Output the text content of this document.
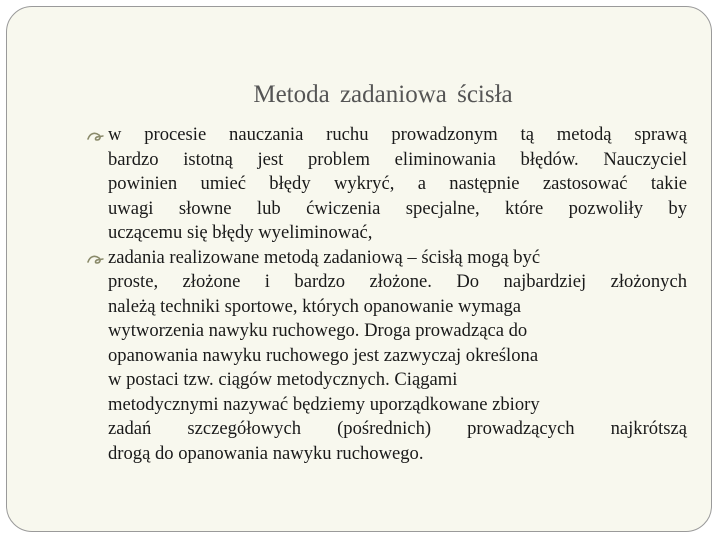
Metoda zadaniowa ścisła
w procesie nauczania ruchu prowadzonym tą metodą sprawą
bardzo istotną jest problem eliminowania błędów. Nauczyciel
powinien umieć błędy wykryć, a następnie zastosować takie
uwagi słowne lub ćwiczenia specjalne, które pozwoliły by
uczącemu się błędy wyeliminować,
zadania realizowane metodą zadaniową – ścisłą mogą być
proste, złożone i bardzo złożone. Do najbardziej złożonych
należą techniki sportowe, których opanowanie wymaga
wytworzenia nawyku ruchowego. Droga prowadząca do
opanowania nawyku ruchowego jest zazwyczaj określona
w postaci tzw. ciągów metodycznych. Ciągami
metodycznymi nazywać będziemy uporządkowane zbiory
zadań szczegółowych (pośrednich) prowadzących najkrótszą
drogą do opanowania nawyku ruchowego.
